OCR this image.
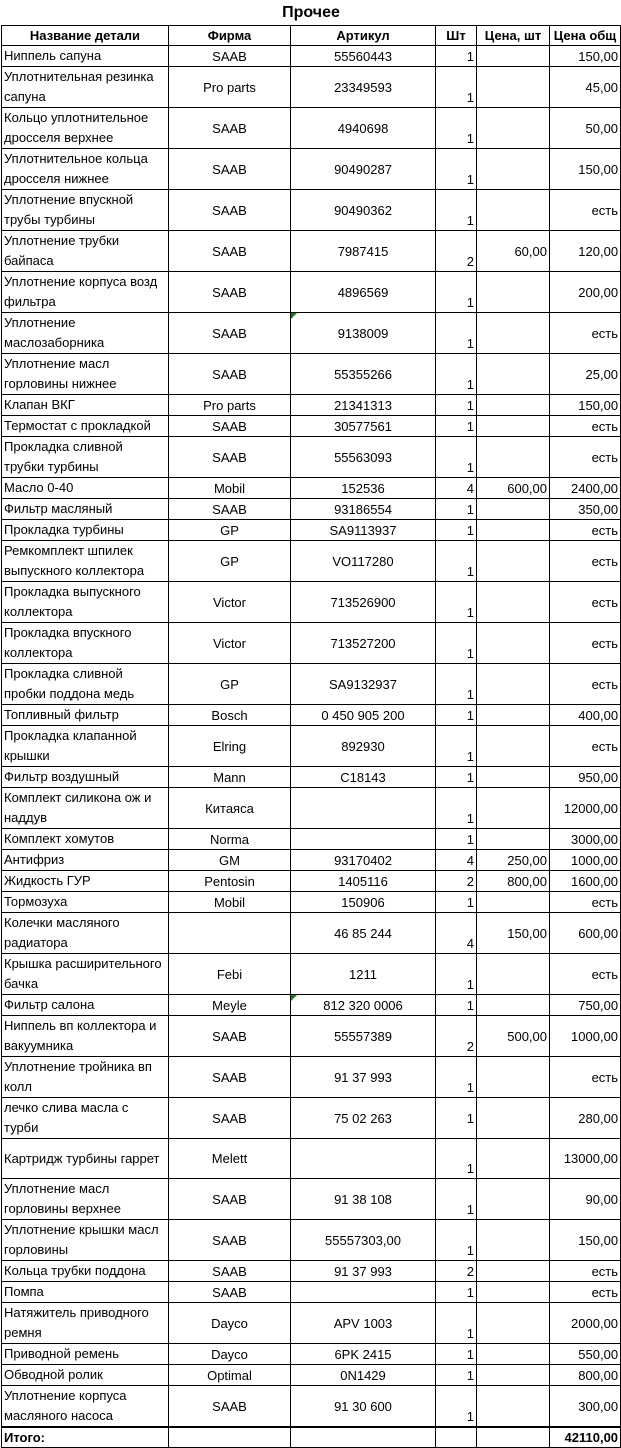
Прочее					
Название детали	Фирма	Артикул	Шт	Цена, шт	Цена общ
Ниппель сапуна	SAAB	55560443	1		150,00
Уплотнительная резинка сапуна	Pro parts	23349593	1		45,00
Кольцо уплотнительное дросселя верхнее	SAAB	4940698	1		50,00
Уплотнительное кольца дросселя нижнее	SAAB	90490287	1		150,00
Уплотнение впускной трубы турбины	SAAB	90490362	1		есть
Уплотнение трубки байпаса	SAAB	7987415	2	60,00	120,00
Уплотнение корпуса возд фильтра	SAAB	4896569	1		200,00
Уплотнение маслозаборника	SAAB	9138009	1		есть
Уплотнение масл горловины нижнее	SAAB	55355266	1		25,00
Клапан ВКГ	Pro parts	21341313	1		150,00
Термостат с прокладкой	SAAB	30577561	1		есть
Прокладка сливной трубки турбины	SAAB	55563093	1		есть
Масло 0-40	Mobil	152536	4	600,00	2400,00
Фильтр масляный	SAAB	93186554	1		350,00
Прокладка турбины	GP	SA9113937	1		есть
Ремкомплект шпилек выпускного коллектора	GP	VO117280	1		есть
Прокладка выпускного коллектора	Victor	713526900	1		есть
Прокладка впускного коллектора	Victor	713527200	1		есть
Прокладка сливной пробки поддона медь	GP	SA9132937	1		есть
Топливный фильтр	Bosch	0 450 905 200	1		400,00
Прокладка клапанной крышки	Elring	892930	1		есть
Фильтр воздушный	Mann	C18143	1		950,00
Комплект силикона ож и наддув	Китаяса		1		12000,00
Комплект хомутов	Norma		1		3000,00
Антифриз	GM	93170402	4	250,00	1000,00
Жидкость ГУР	Pentosin	1405116	2	800,00	1600,00
Тормозуха	Mobil	150906	1		есть
Колечки масляного радиатора		46 85 244	4	150,00	600,00
Крышка расширительного бачка	Febi	1211	1		есть
Фильтр салона	Meyle	812 320 0006	1		750,00
Ниппель вп коллектора и вакуумника	SAAB	55557389	2	500,00	1000,00
Уплотнение тройника вп колл	SAAB	91 37 993	1		есть
лечко слива масла с турби	SAAB	75 02 263	1		280,00
Картридж турбины гаррет	Melett		1		13000,00
Уплотнение масл горловины верхнее	SAAB	91 38 108	1		90,00
Уплотнение крышки масл горловины	SAAB	55557303,00	1		150,00
Кольца трубки поддона	SAAB	91 37 993	2		есть
Помпа	SAAB		1		есть
Натяжитель приводного ремня	Dayco	APV 1003	1		2000,00
Приводной ремень	Dayco	6PK 2415	1		550,00
Обводной ролик	Optimal	0N1429	1		800,00
Уплотнение корпуса масляного насоса	SAAB	91 30 600	1		300,00
Итого:					42110,00
